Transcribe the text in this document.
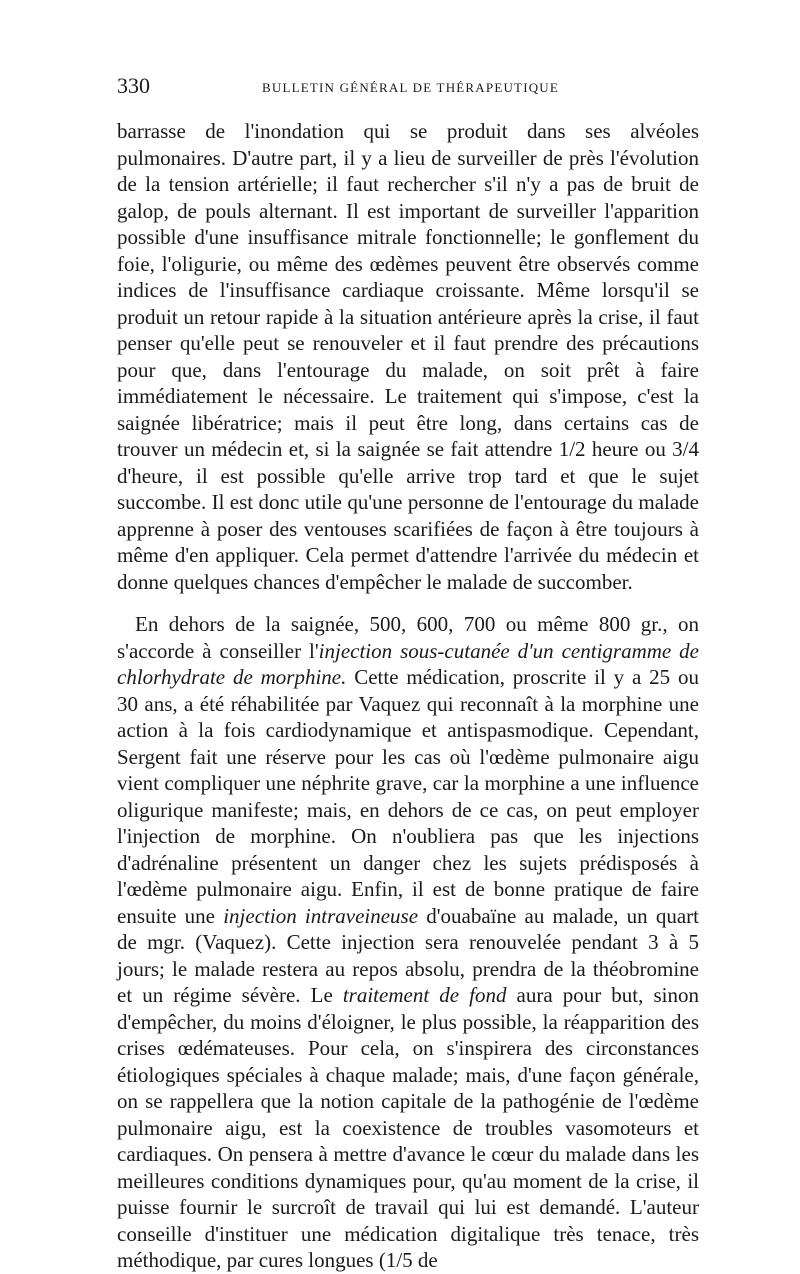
330	BULLETIN GÉNÉRAL DE THÉRAPEUTIQUE

barrasse de l'inondation qui se produit dans ses alvéoles pulmonaires. D'autre part, il y a lieu de surveiller de près l'évolution de la tension artérielle; il faut rechercher s'il n'y a pas de bruit de galop, de pouls alternant. Il est important de surveiller l'apparition possible d'une insuffisance mitrale fonctionnelle; le gonflement du foie, l'oligurie, ou même des œdèmes peuvent être observés comme indices de l'insuffisance cardiaque croissante. Même lorsqu'il se produit un retour rapide à la situation antérieure après la crise, il faut penser qu'elle peut se renouveler et il faut prendre des précautions pour que, dans l'entourage du malade, on soit prêt à faire immédiatement le nécessaire. Le traitement qui s'impose, c'est la saignée libératrice; mais il peut être long, dans certains cas de trouver un médecin et, si la saignée se fait attendre 1/2 heure ou 3/4 d'heure, il est possible qu'elle arrive trop tard et que le sujet succombe. Il est donc utile qu'une personne de l'entourage du malade apprenne à poser des ventouses scarifiées de façon à être toujours à même d'en appliquer. Cela permet d'attendre l'arrivée du médecin et donne quelques chances d'empêcher le malade de succomber.

En dehors de la saignée, 500, 600, 700 ou même 800 gr., on s'accorde à conseiller l'injection sous-cutanée d'un centigramme de chlorhydrate de morphine. Cette médication, proscrite il y a 25 ou 30 ans, a été réhabilitée par Vaquez qui reconnaît à la morphine une action à la fois cardiodynamique et antispasmodique. Cependant, Sergent fait une réserve pour les cas où l'œdème pulmonaire aigu vient compliquer une néphrite grave, car la morphine a une influence oligurique manifeste; mais, en dehors de ce cas, on peut employer l'injection de morphine. On n'oubliera pas que les injections d'adrénaline présentent un danger chez les sujets prédisposés à l'œdème pulmonaire aigu. Enfin, il est de bonne pratique de faire ensuite une injection intraveineuse d'ouabaïne au malade, un quart de mgr. (Vaquez). Cette injection sera renouvelée pendant 3 à 5 jours; le malade restera au repos absolu, prendra de la théobromine et un régime sévère. Le traitement de fond aura pour but, sinon d'empêcher, du moins d'éloigner, le plus possible, la réapparition des crises œdémateuses. Pour cela, on s'inspirera des circonstances étiologiques spéciales à chaque malade; mais, d'une façon générale, on se rappellera que la notion capitale de la pathogénie de l'œdème pulmonaire aigu, est la coexistence de troubles vasomoteurs et cardiaques. On pensera à mettre d'avance le cœur du malade dans les meilleures conditions dynamiques pour, qu'au moment de la crise, il puisse fournir le surcroît de travail qui lui est demandé. L'auteur conseille d'instituer une médication digitalique très tenace, très méthodique, par cures longues (1/5 de
